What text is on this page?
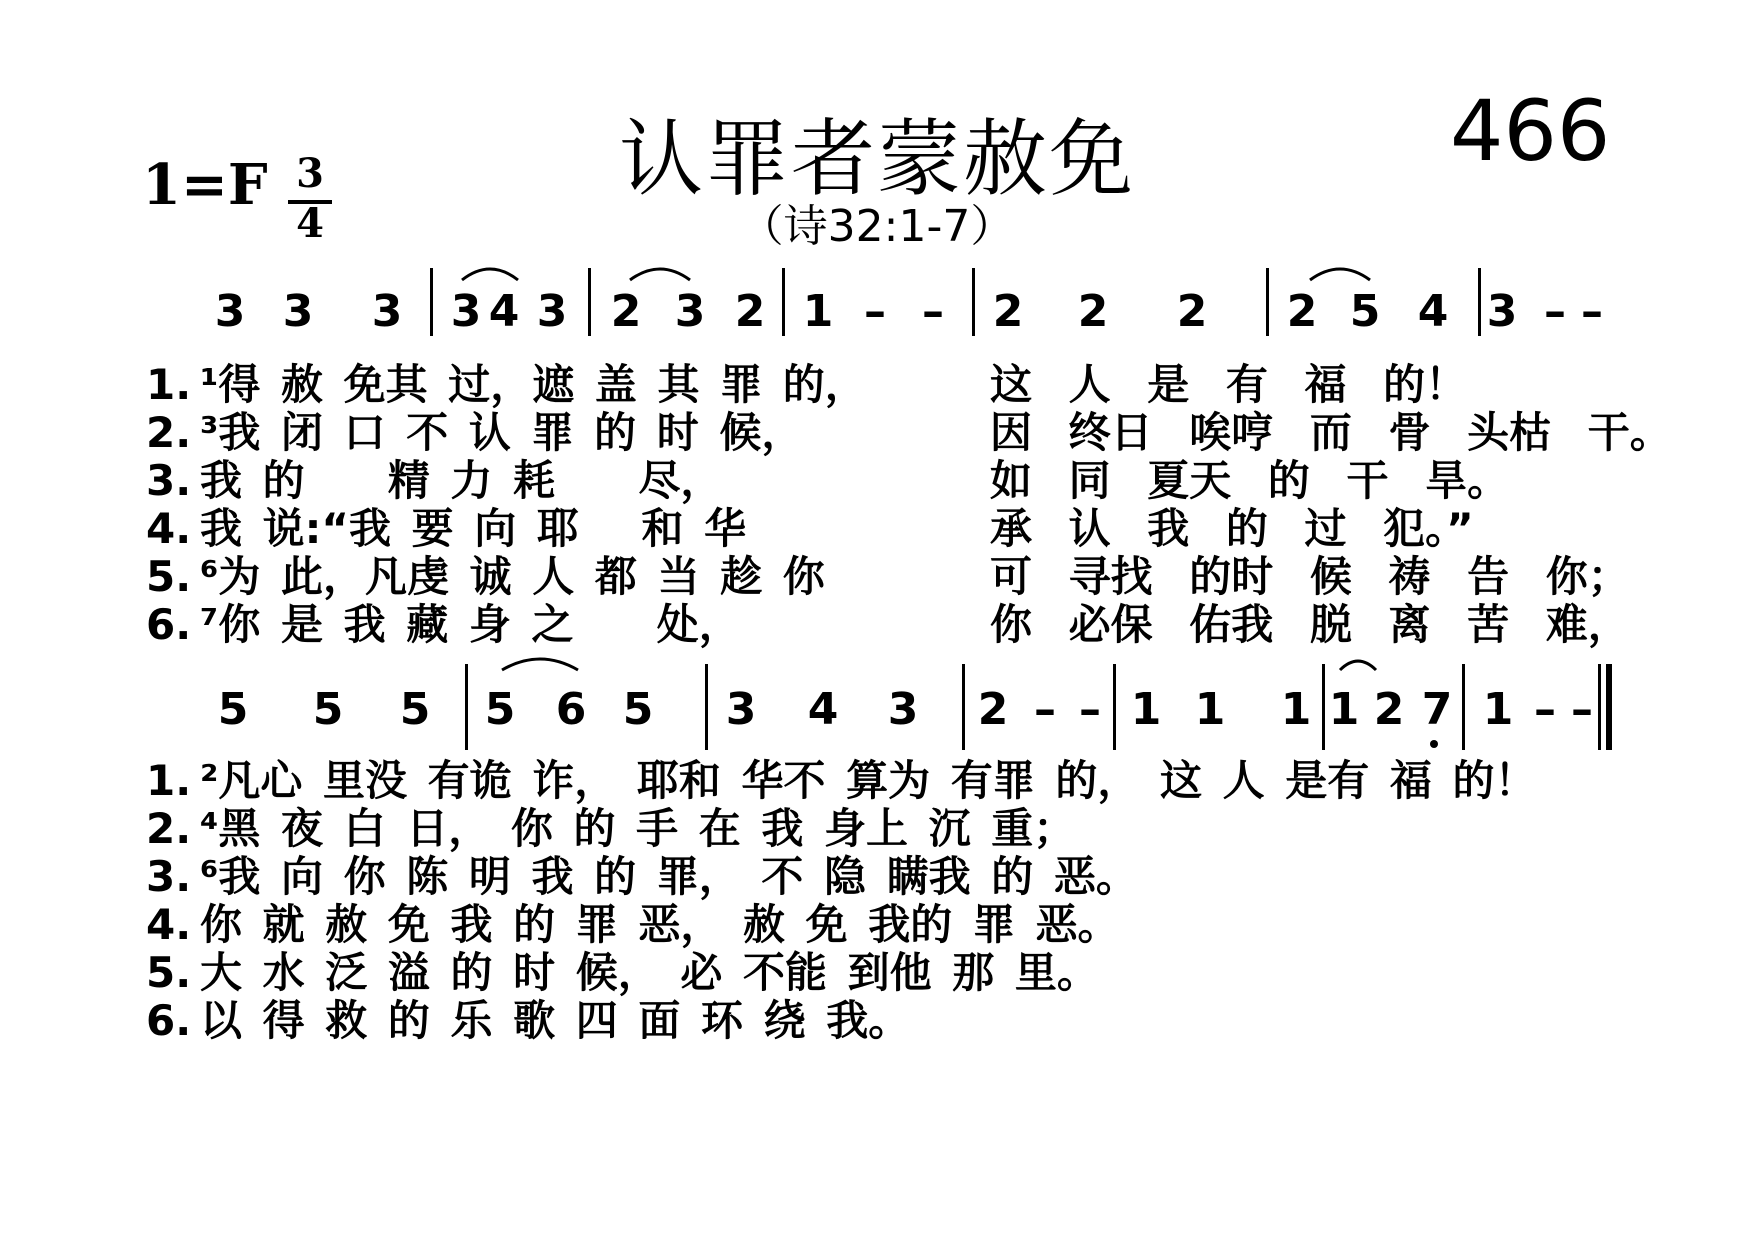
认罪者蒙赦免
（诗32:1-7）
466
1=F 3
4
3 3 3 3 4 3 2 3 2 1 – –	2 2 2 2 5 4 3 – –
1. ¹得 赦 免其 过，遮 盖 其 罪 的，
2. ³我 闭 口 不 认 罪 的 时 候，
3. 我 的 　 精 力 耗 　 尽，
4. 我 说:“我 要 向 耶 　和 华
5. ⁶为 此，凡虔 诚 人 都 当 趁 你
6. ⁷你 是 我 藏 身 之 　 处，
这 人 是 有 福 的！
因 终日 唉哼 而 骨 头枯 干。
如 同 夏天 的 干 旱。
承 认 我 的 过 犯。”
可 寻找 的时 候 祷 告 你；
你 必保 佑我 脱 离 苦 难，
5 5 5 5 6 5 3 4 3 2 – – 1 1 1 1 2 7 1 – –
1. ²凡心 里没 有诡 诈， 耶和 华不 算为 有罪 的， 这 人 是有 福 的！
2. ⁴黑 夜 白 日， 你 的 手 在 我 身上 沉 重；
3. ⁶我 向 你 陈 明 我 的 罪， 不 隐 瞒我 的 恶。
4. 你 就 赦 免 我 的 罪 恶， 赦 免 我的 罪 恶。
5. 大 水 泛 溢 的 时 候， 必 不能 到他 那 里。
6. 以 得 救 的 乐 歌 四 面 环 绕 我。
